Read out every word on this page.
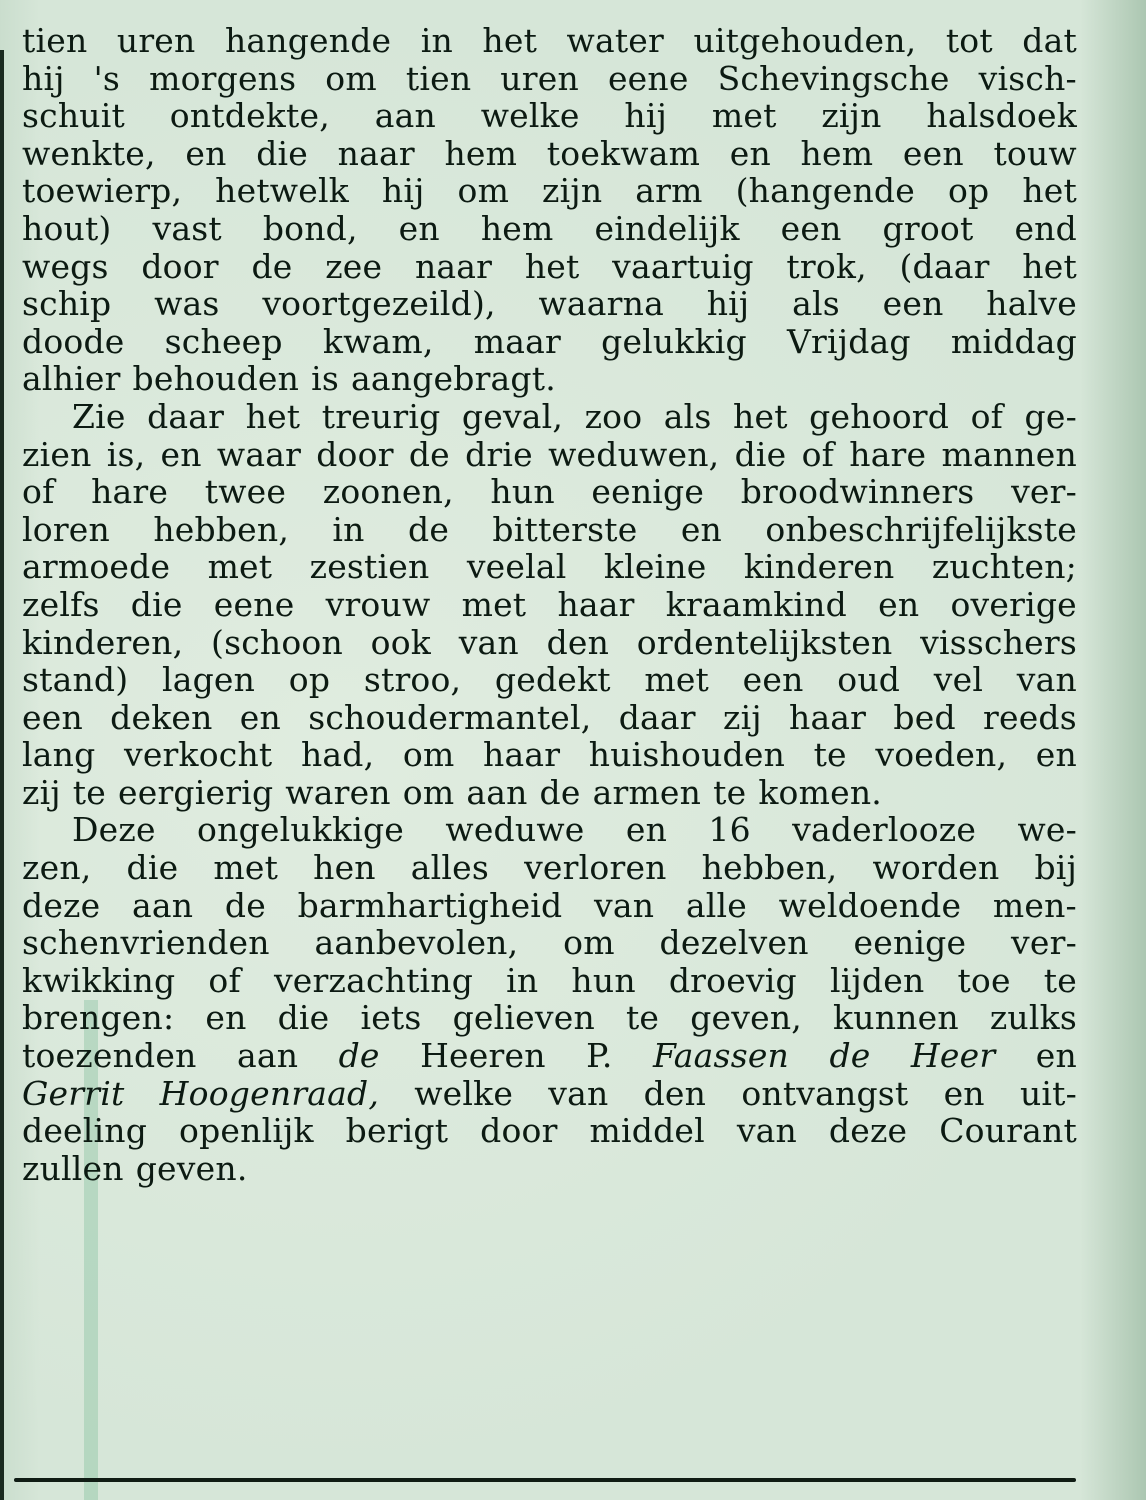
tien uren hangende in het water uitgehouden, tot dat
hij 's morgens om tien uren eene Schevingsche visch-
schuit ontdekte, aan welke hij met zijn halsdoek
wenkte, en die naar hem toekwam en hem een touw
toewierp, hetwelk hij om zijn arm (hangende op het
hout) vast bond, en hem eindelijk een groot end
wegs door de zee naar het vaartuig trok, (daar het
schip was voortgezeild), waarna hij als een halve
doode scheep kwam, maar gelukkig Vrijdag middag
alhier behouden is aangebragt.
Zie daar het treurig geval, zoo als het gehoord of ge-
zien is, en waar door de drie weduwen, die of hare mannen
of hare twee zoonen, hun eenige broodwinners ver-
loren hebben, in de bitterste en onbeschrijfelijkste
armoede met zestien veelal kleine kinderen zuchten;
zelfs die eene vrouw met haar kraamkind en overige
kinderen, (schoon ook van den ordentelijksten visschers
stand) lagen op stroo, gedekt met een oud vel van
een deken en schoudermantel, daar zij haar bed reeds
lang verkocht had, om haar huishouden te voeden, en
zij te eergierig waren om aan de armen te komen.
Deze ongelukkige weduwe en 16 vaderlooze we-
zen, die met hen alles verloren hebben, worden bij
deze aan de barmhartigheid van alle weldoende men-
schenvrienden aanbevolen, om dezelven eenige ver-
kwikking of verzachting in hun droevig lijden toe te
brengen: en die iets gelieven te geven, kunnen zulks
toezenden aan de Heeren P. Faassen de Heer en
Gerrit Hoogenraad, welke van den ontvangst en uit-
deeling openlijk berigt door middel van deze Courant
zullen geven.
